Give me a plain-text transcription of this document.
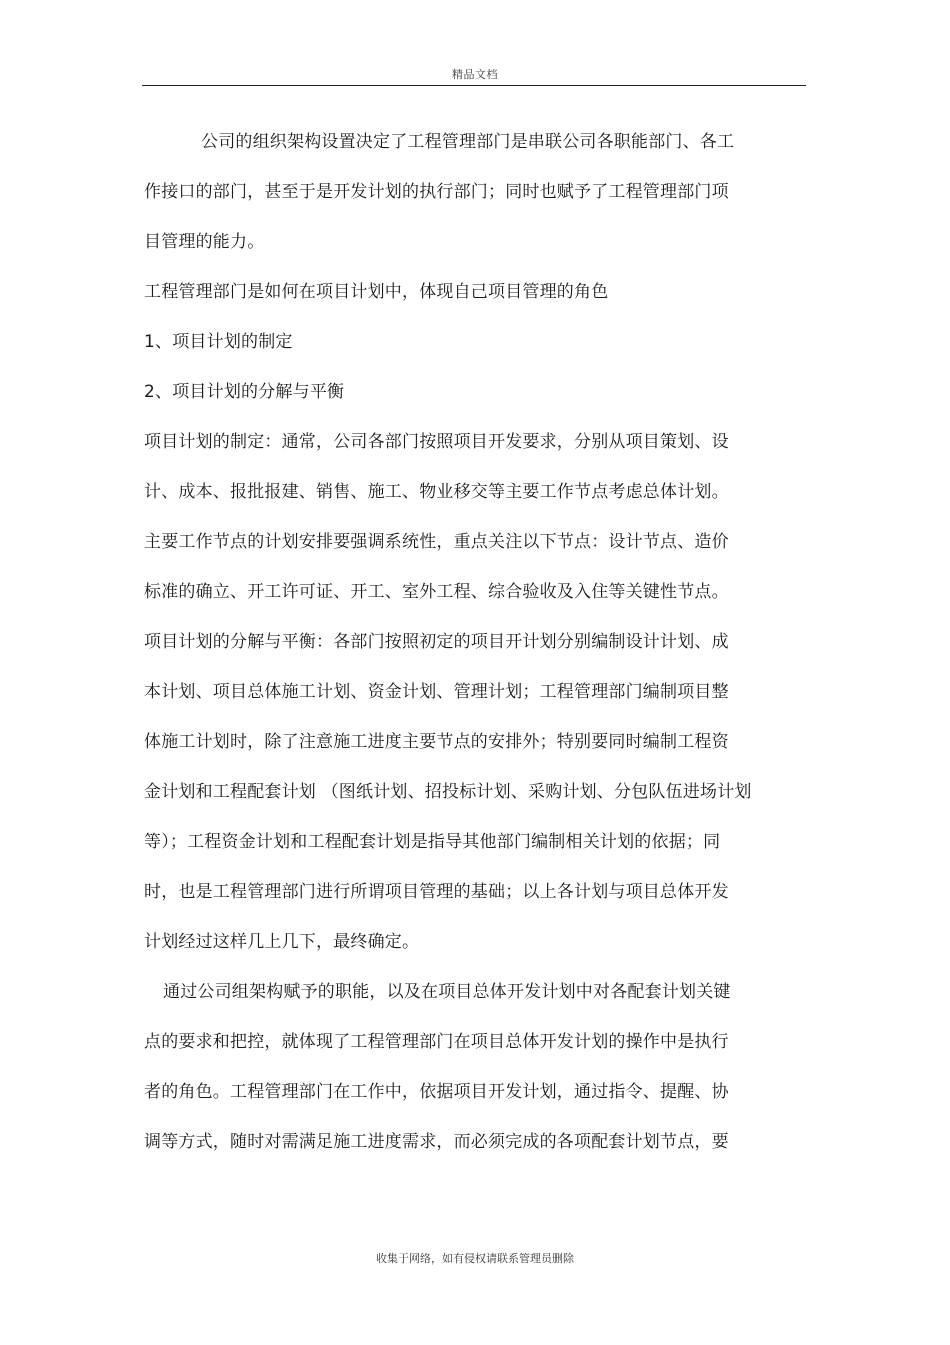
精品文档
公司的组织架构设置决定了工程管理部门是串联公司各职能部门、各工
作接口的部门，甚至于是开发计划的执行部门；同时也赋予了工程管理部门项
目管理的能力。
工程管理部门是如何在项目计划中，体现自己项目管理的角色
1、项目计划的制定
2、项目计划的分解与平衡
项目计划的制定：通常，公司各部门按照项目开发要求，分别从项目策划、设
计、成本、报批报建、销售、施工、物业移交等主要工作节点考虑总体计划。
主要工作节点的计划安排要强调系统性，重点关注以下节点：设计节点、造价
标准的确立、开工许可证、开工、室外工程、综合验收及入住等关键性节点。
项目计划的分解与平衡：各部门按照初定的项目开计划分别编制设计计划、成
本计划、项目总体施工计划、资金计划、管理计划；工程管理部门编制项目整
体施工计划时，除了注意施工进度主要节点的安排外；特别要同时编制工程资
金计划和工程配套计划 （图纸计划、招投标计划、采购计划、分包队伍进场计划
等）；工程资金计划和工程配套计划是指导其他部门编制相关计划的依据；同
时，也是工程管理部门进行所谓项目管理的基础；以上各计划与项目总体开发
计划经过这样几上几下，最终确定。
通过公司组架构赋予的职能，以及在项目总体开发计划中对各配套计划关键
点的要求和把控，就体现了工程管理部门在项目总体开发计划的操作中是执行
者的角色。工程管理部门在工作中，依据项目开发计划，通过指令、提醒、协
调等方式，随时对需满足施工进度需求，而必须完成的各项配套计划节点，要
收集于网络，如有侵权请联系管理员删除
